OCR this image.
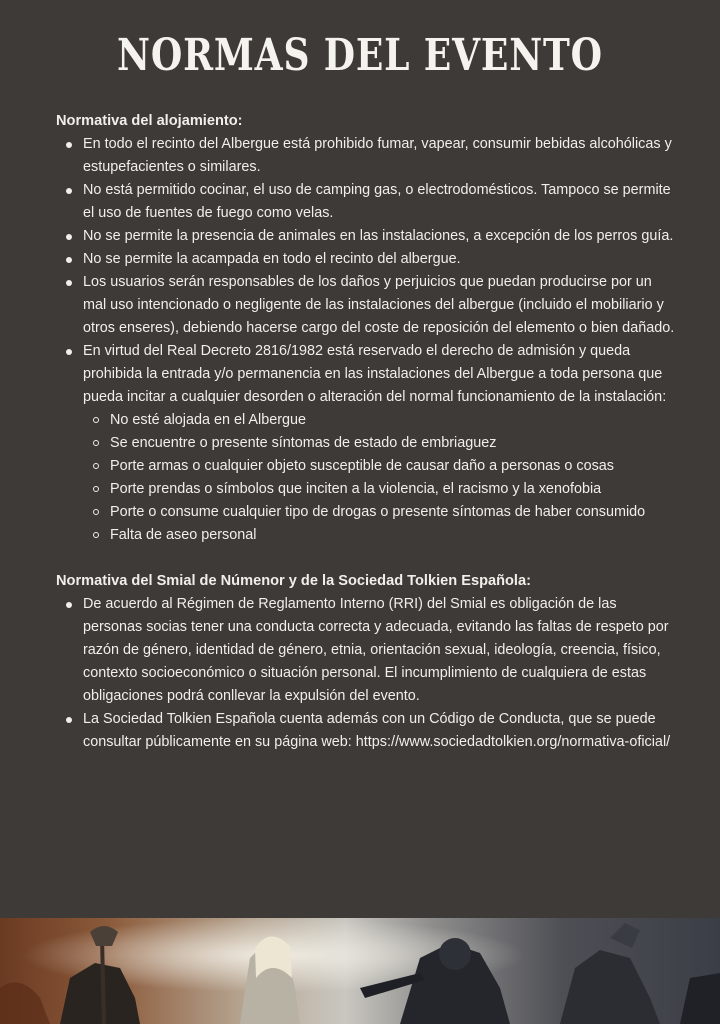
NORMAS DEL EVENTO

Normativa del alojamiento:

En todo el recinto del Albergue está prohibido fumar, vapear, consumir bebidas alcohólicas y estupefacientes o similares.
No está permitido cocinar, el uso de camping gas, o electrodomésticos. Tampoco se permite el uso de fuentes de fuego como velas.
No se permite la presencia de animales en las instalaciones, a excepción de los perros guía.
No se permite la acampada en todo el recinto del albergue.
Los usuarios serán responsables de los daños y perjuicios que puedan producirse por un mal uso intencionado o negligente de las instalaciones del albergue (incluido el mobiliario y otros enseres), debiendo hacerse cargo del coste de reposición del elemento o bien dañado.
En virtud del Real Decreto 2816/1982 está reservado el derecho de admisión y queda prohibida la entrada y/o permanencia en las instalaciones del Albergue a toda persona que pueda incitar a cualquier desorden o alteración del normal funcionamiento de la instalación:
No esté alojada en el Albergue
Se encuentre o presente síntomas de estado de embriaguez
Porte armas o cualquier objeto susceptible de causar daño a personas o cosas
Porte prendas o símbolos que inciten a la violencia, el racismo y la xenofobia
Porte o consume cualquier tipo de drogas o presente síntomas de haber consumido
Falta de aseo personal

Normativa del Smial de Númenor y de la Sociedad Tolkien Española:

De acuerdo al Régimen de Reglamento Interno (RRI) del Smial es obligación de las personas socias tener una conducta correcta y adecuada, evitando las faltas de respeto por razón de género, identidad de género, etnia, orientación sexual, ideología, creencia, físico, contexto socioeconómico o situación personal. El incumplimiento de cualquiera de estas obligaciones podrá conllevar la expulsión del evento.
La Sociedad Tolkien Española cuenta además con un Código de Conducta, que se puede consultar públicamente en su página web: https://www.sociedadtolkien.org/normativa-oficial/
